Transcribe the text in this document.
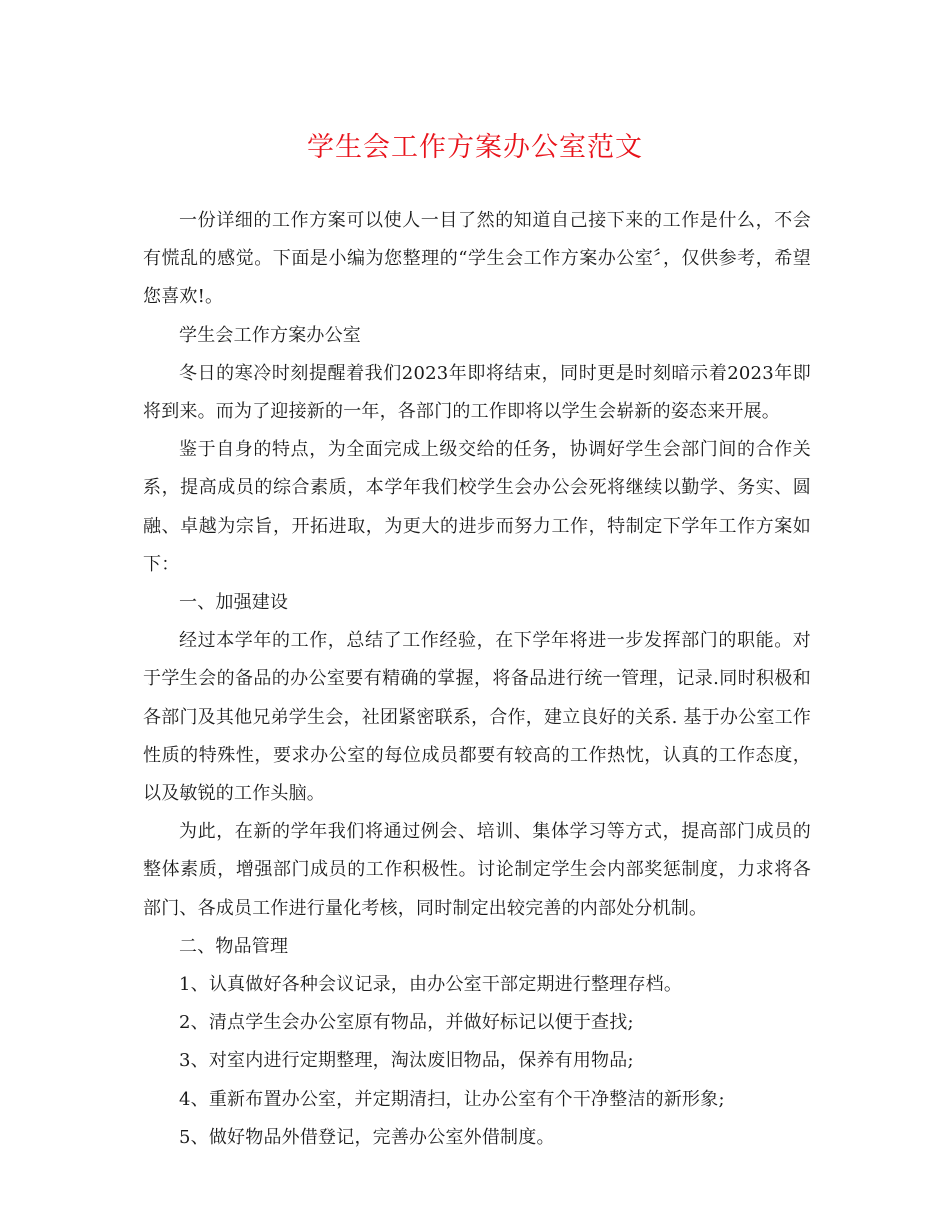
学生会工作方案办公室范文

一份详细的工作方案可以使人一目了然的知道自己接下来的工作是什么，不会有慌乱的感觉。下面是小编为您整理的“学生会工作方案办公室〞，仅供参考，希望您喜欢!。

学生会工作方案办公室

冬日的寒冷时刻提醒着我们2023年即将结束，同时更是时刻暗示着2023年即将到来。而为了迎接新的一年，各部门的工作即将以学生会崭新的姿态来开展。

鉴于自身的特点，为全面完成上级交给的任务，协调好学生会部门间的合作关系，提高成员的综合素质，本学年我们校学生会办公会死将继续以勤学、务实、圆融、卓越为宗旨，开拓进取，为更大的进步而努力工作，特制定下学年工作方案如下：

一、加强建设

经过本学年的工作，总结了工作经验，在下学年将进一步发挥部门的职能。对于学生会的备品的办公室要有精确的掌握，将备品进行统一管理，记录.同时积极和各部门及其他兄弟学生会，社团紧密联系，合作，建立良好的关系. 基于办公室工作性质的特殊性，要求办公室的每位成员都要有较高的工作热忱，认真的工作态度，以及敏锐的工作头脑。

为此，在新的学年我们将通过例会、培训、集体学习等方式，提高部门成员的整体素质，增强部门成员的工作积极性。讨论制定学生会内部奖惩制度，力求将各部门、各成员工作进行量化考核，同时制定出较完善的内部处分机制。

二、物品管理

1、认真做好各种会议记录，由办公室干部定期进行整理存档。

2、清点学生会办公室原有物品，并做好标记以便于查找;

3、对室内进行定期整理，淘汰废旧物品，保养有用物品;

4、重新布置办公室，并定期清扫，让办公室有个干净整洁的新形象;

5、做好物品外借登记，完善办公室外借制度。
